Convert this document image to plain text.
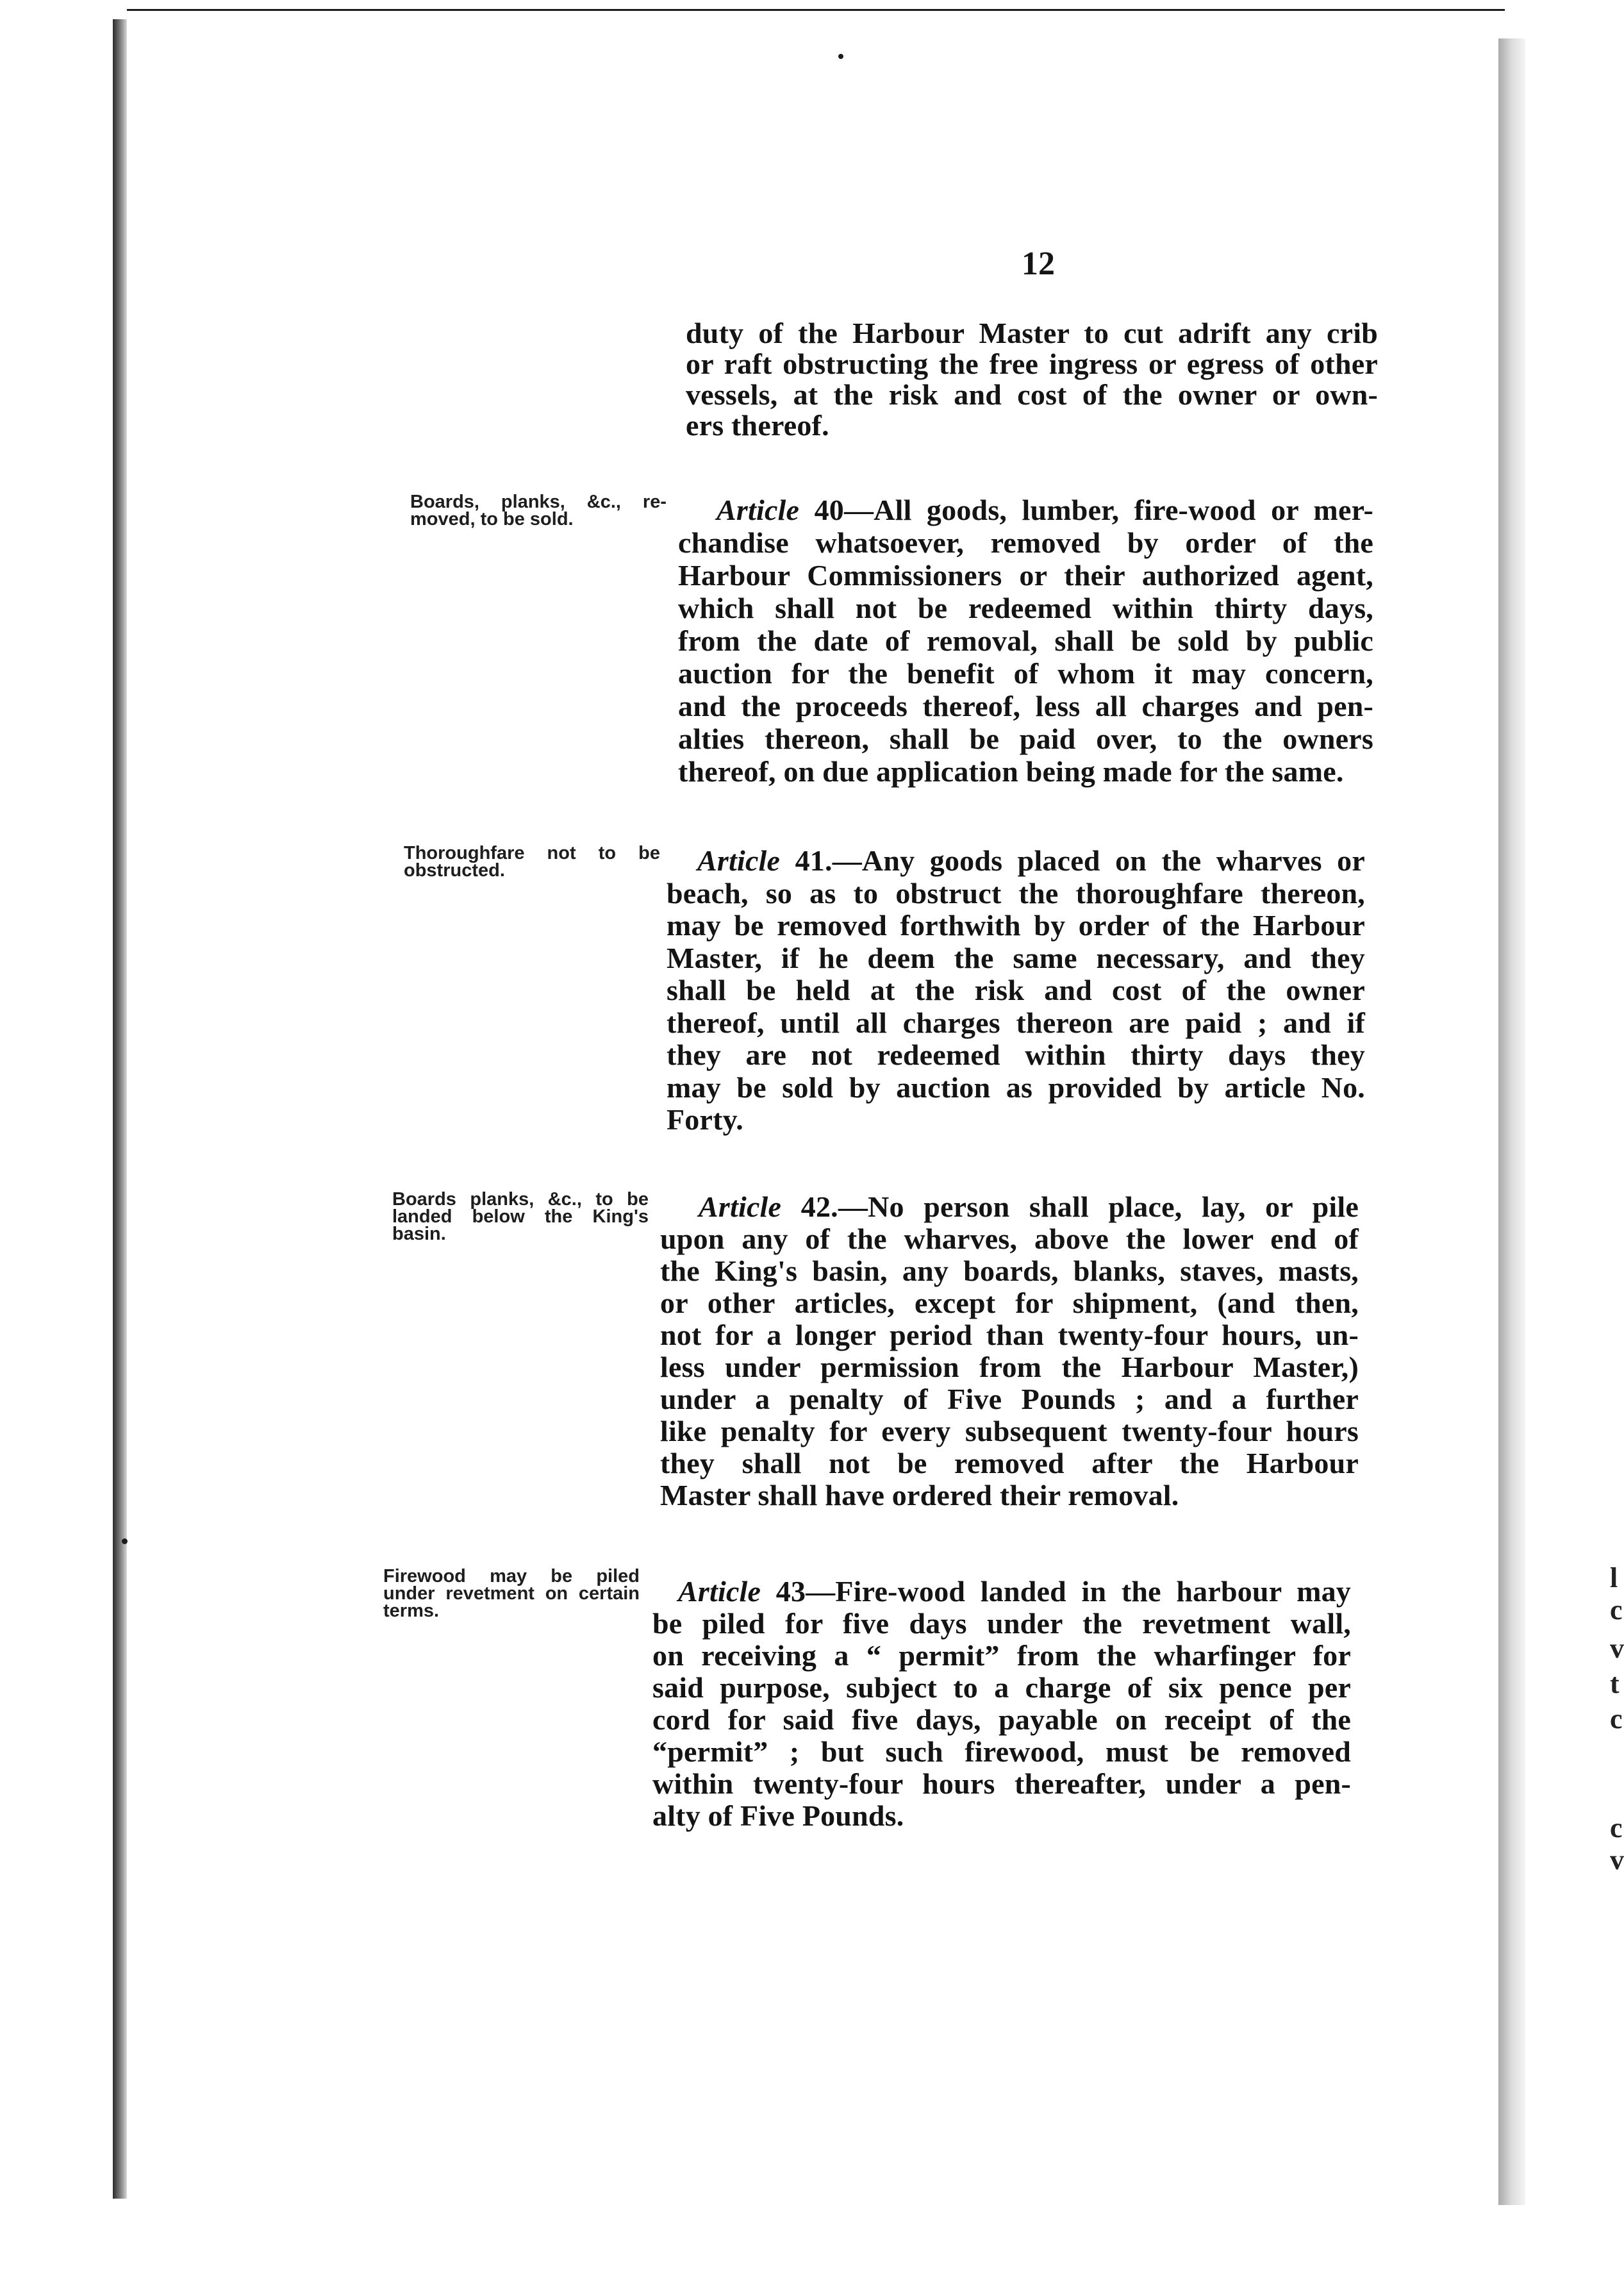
l
c
v
t
c
c
v
12
duty of the Harbour Master to cut adrift any crib
or raft obstructing the free ingress or egress of other
vessels, at the risk and cost of the owner or own-
ers thereof.
Boards, planks, &c., re-moved, to be sold.	Article 40—All goods, lumber, fire-wood or mer-
chandise whatsoever, removed by order of the
Harbour Commissioners or their authorized agent,
which shall not be redeemed within thirty days,
from the date of removal, shall be sold by public
auction for the benefit of whom it may concern,
and the proceeds thereof, less all charges and pen-
alties thereon, shall be paid over, to the owners
thereof, on due application being made for the same.
Thoroughfare not to be obstructed.	Article 41.—Any goods placed on the wharves or
beach, so as to obstruct the thoroughfare thereon,
may be removed forthwith by order of the Harbour
Master, if he deem the same necessary, and they
shall be held at the risk and cost of the owner
thereof, until all charges thereon are paid ; and if
they are not redeemed within thirty days they
may be sold by auction as provided by article No.
Forty.
Boards planks, &c., to be landed below the King's basin.
Article 42.—No person shall place, lay, or pile
upon any of the wharves, above the lower end of
the King's basin, any boards, blanks, staves, masts,
or other articles, except for shipment, (and then,
not for a longer period than twenty-four hours, un-
less under permission from the Harbour Master,)
under a penalty of Five Pounds ; and a further
like penalty for every subsequent twenty-four hours
they shall not be removed after the Harbour
Master shall have ordered their removal.
Firewood may be piled under revetment on certain terms.
Article 43—Fire-wood landed in the harbour may
be piled for five days under the revetment wall,
on receiving a “ permit” from the wharfinger for
said purpose, subject to a charge of six pence per
cord for said five days, payable on receipt of the
“permit” ; but such firewood, must be removed
within twenty-four hours thereafter, under a pen-
alty of Five Pounds.
